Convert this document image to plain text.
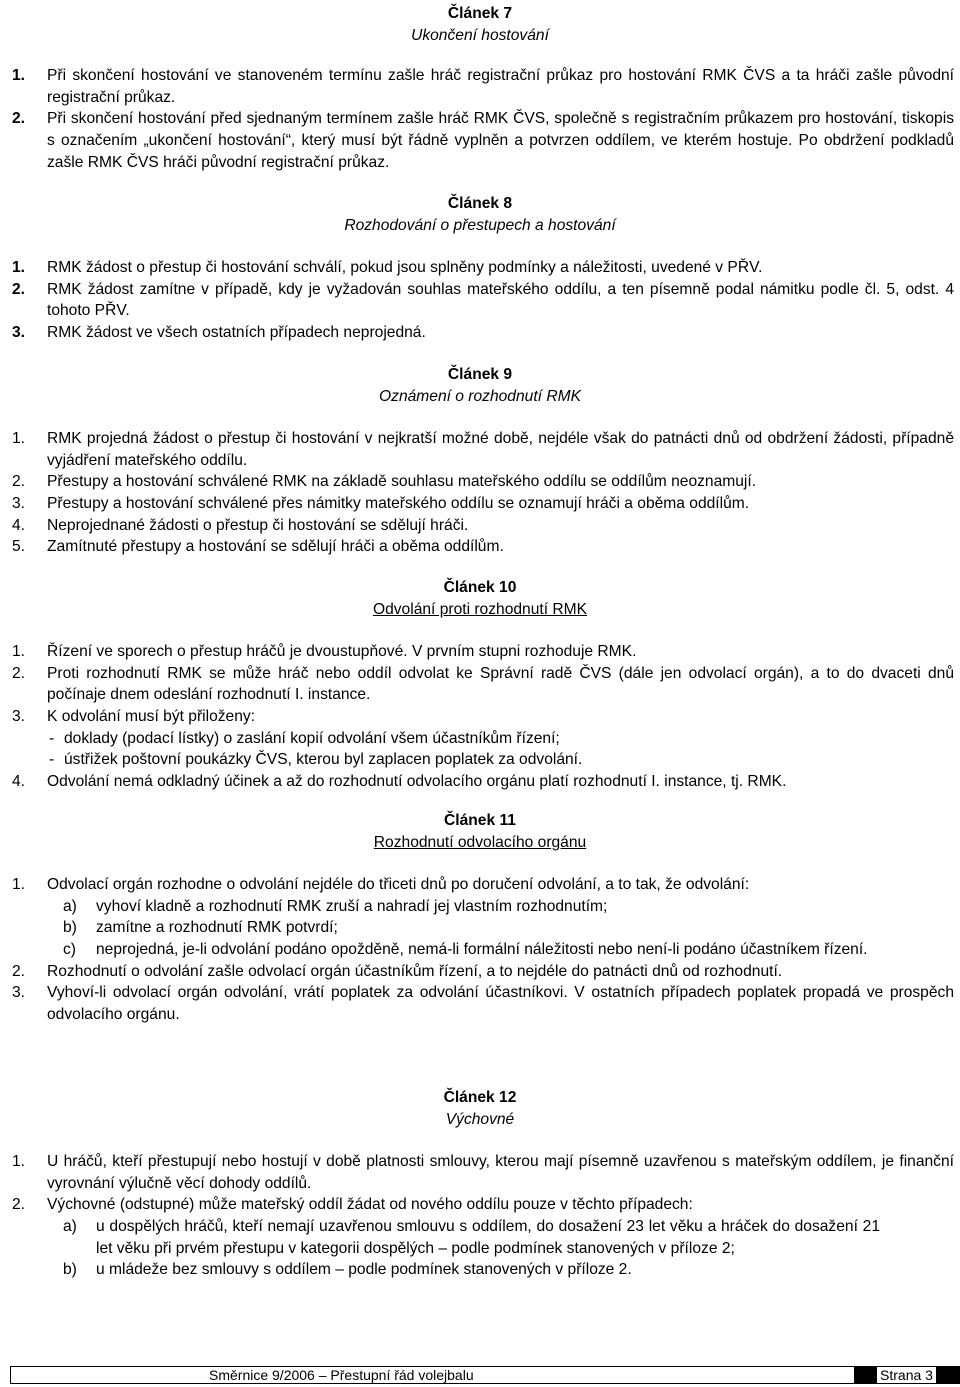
Článek 7
Ukončení hostování
1. Při skončení hostování ve stanoveném termínu zašle hráč registrační průkaz pro hostování RMK ČVS a ta hráči zašle původní registrační průkaz.
2. Při skončení hostování před sjednaným termínem zašle hráč RMK ČVS, společně s registračním průkazem pro hostování, tiskopis s označením „ukončení hostování“, který musí být řádně vyplněn a potvrzen oddílem, ve kterém hostuje. Po obdržení podkladů zašle RMK ČVS hráči původní registrační průkaz.
Článek 8
Rozhodování o přestupech a hostování
1. RMK žádost o přestup či hostování schválí, pokud jsou splněny podmínky a náležitosti, uvedené v PŘV.
2. RMK žádost zamítne v případě, kdy je vyžadován souhlas mateřského oddílu, a ten písemně podal námitku podle čl. 5, odst. 4 tohoto PŘV.
3. RMK žádost ve všech ostatních případech neprojedná.
Článek 9
Oznámení o rozhodnutí RMK
1. RMK projedná žádost o přestup či hostování v nejkratší možné době, nejdéle však do patnácti dnů od obdržení žádosti, případně vyjádření mateřského oddílu.
2. Přestupy a hostování schválené RMK na základě souhlasu mateřského oddílu se oddílům neoznamují.
3. Přestupy a hostování schválené přes námitky mateřského oddílu se oznamují hráči a oběma oddílům.
4. Neprojednané žádosti o přestup či hostování se sdělují hráči.
5. Zamítnuté přestupy a hostování se sdělují hráči a oběma oddílům.
Článek 10
Odvolání proti rozhodnutí RMK
1. Řízení ve sporech o přestup hráčů je dvoustupňové. V prvním stupni rozhoduje RMK.
2. Proti rozhodnutí RMK se může hráč nebo oddíl odvolat ke Správní radě ČVS (dále jen odvolací orgán), a to do dvaceti dnů počínaje dnem odeslání rozhodnutí I. instance.
3. K odvolání musí být přiloženy:
- doklady (podací lístky) o zaslání kopií odvolání všem účastníkům řízení;
- ústřižek poštovní poukázky ČVS, kterou byl zaplacen poplatek za odvolání.
4. Odvolání nemá odkladný účinek a až do rozhodnutí odvolacího orgánu platí rozhodnutí I. instance, tj. RMK.
Článek 11
Rozhodnutí odvolacího orgánu
1. Odvolací orgán rozhodne o odvolání nejdéle do třiceti dnů po doručení odvolání, a to tak, že odvolání:
a) vyhoví kladně a rozhodnutí RMK zruší a nahradí jej vlastním rozhodnutím;
b) zamítne a rozhodnutí RMK potvrdí;
c) neprojedná, je-li odvolání podáno opožděně, nemá-li formální náležitosti nebo není-li podáno účastníkem řízení.
2. Rozhodnutí o odvolání zašle odvolací orgán účastníkům řízení, a to nejdéle do patnácti dnů od rozhodnutí.
3. Vyhoví-li odvolací orgán odvolání, vrátí poplatek za odvolání účastníkovi. V ostatních případech poplatek propadá ve prospěch odvolacího orgánu.
Článek 12
Výchovné
1. U hráčů, kteří přestupují nebo hostují v době platnosti smlouvy, kterou mají písemně uzavřenou s mateřským oddílem, je finanční vyrovnání výlučně věcí dohody oddílů.
2. Výchovné (odstupné) může mateřský oddíl žádat od nového oddílu pouze v těchto případech:
a) u dospělých hráčů, kteří nemají uzavřenou smlouvu s oddílem, do dosažení 23 let věku a hráček do dosažení 21 let věku při prvém přestupu v kategorii dospělých – podle podmínek stanovených v příloze 2;
b) u mládeže bez smlouvy s oddílem – podle podmínek stanovených v příloze 2.
Směrnice 9/2006 – Přestupní řád volejbalu	Strana 3
